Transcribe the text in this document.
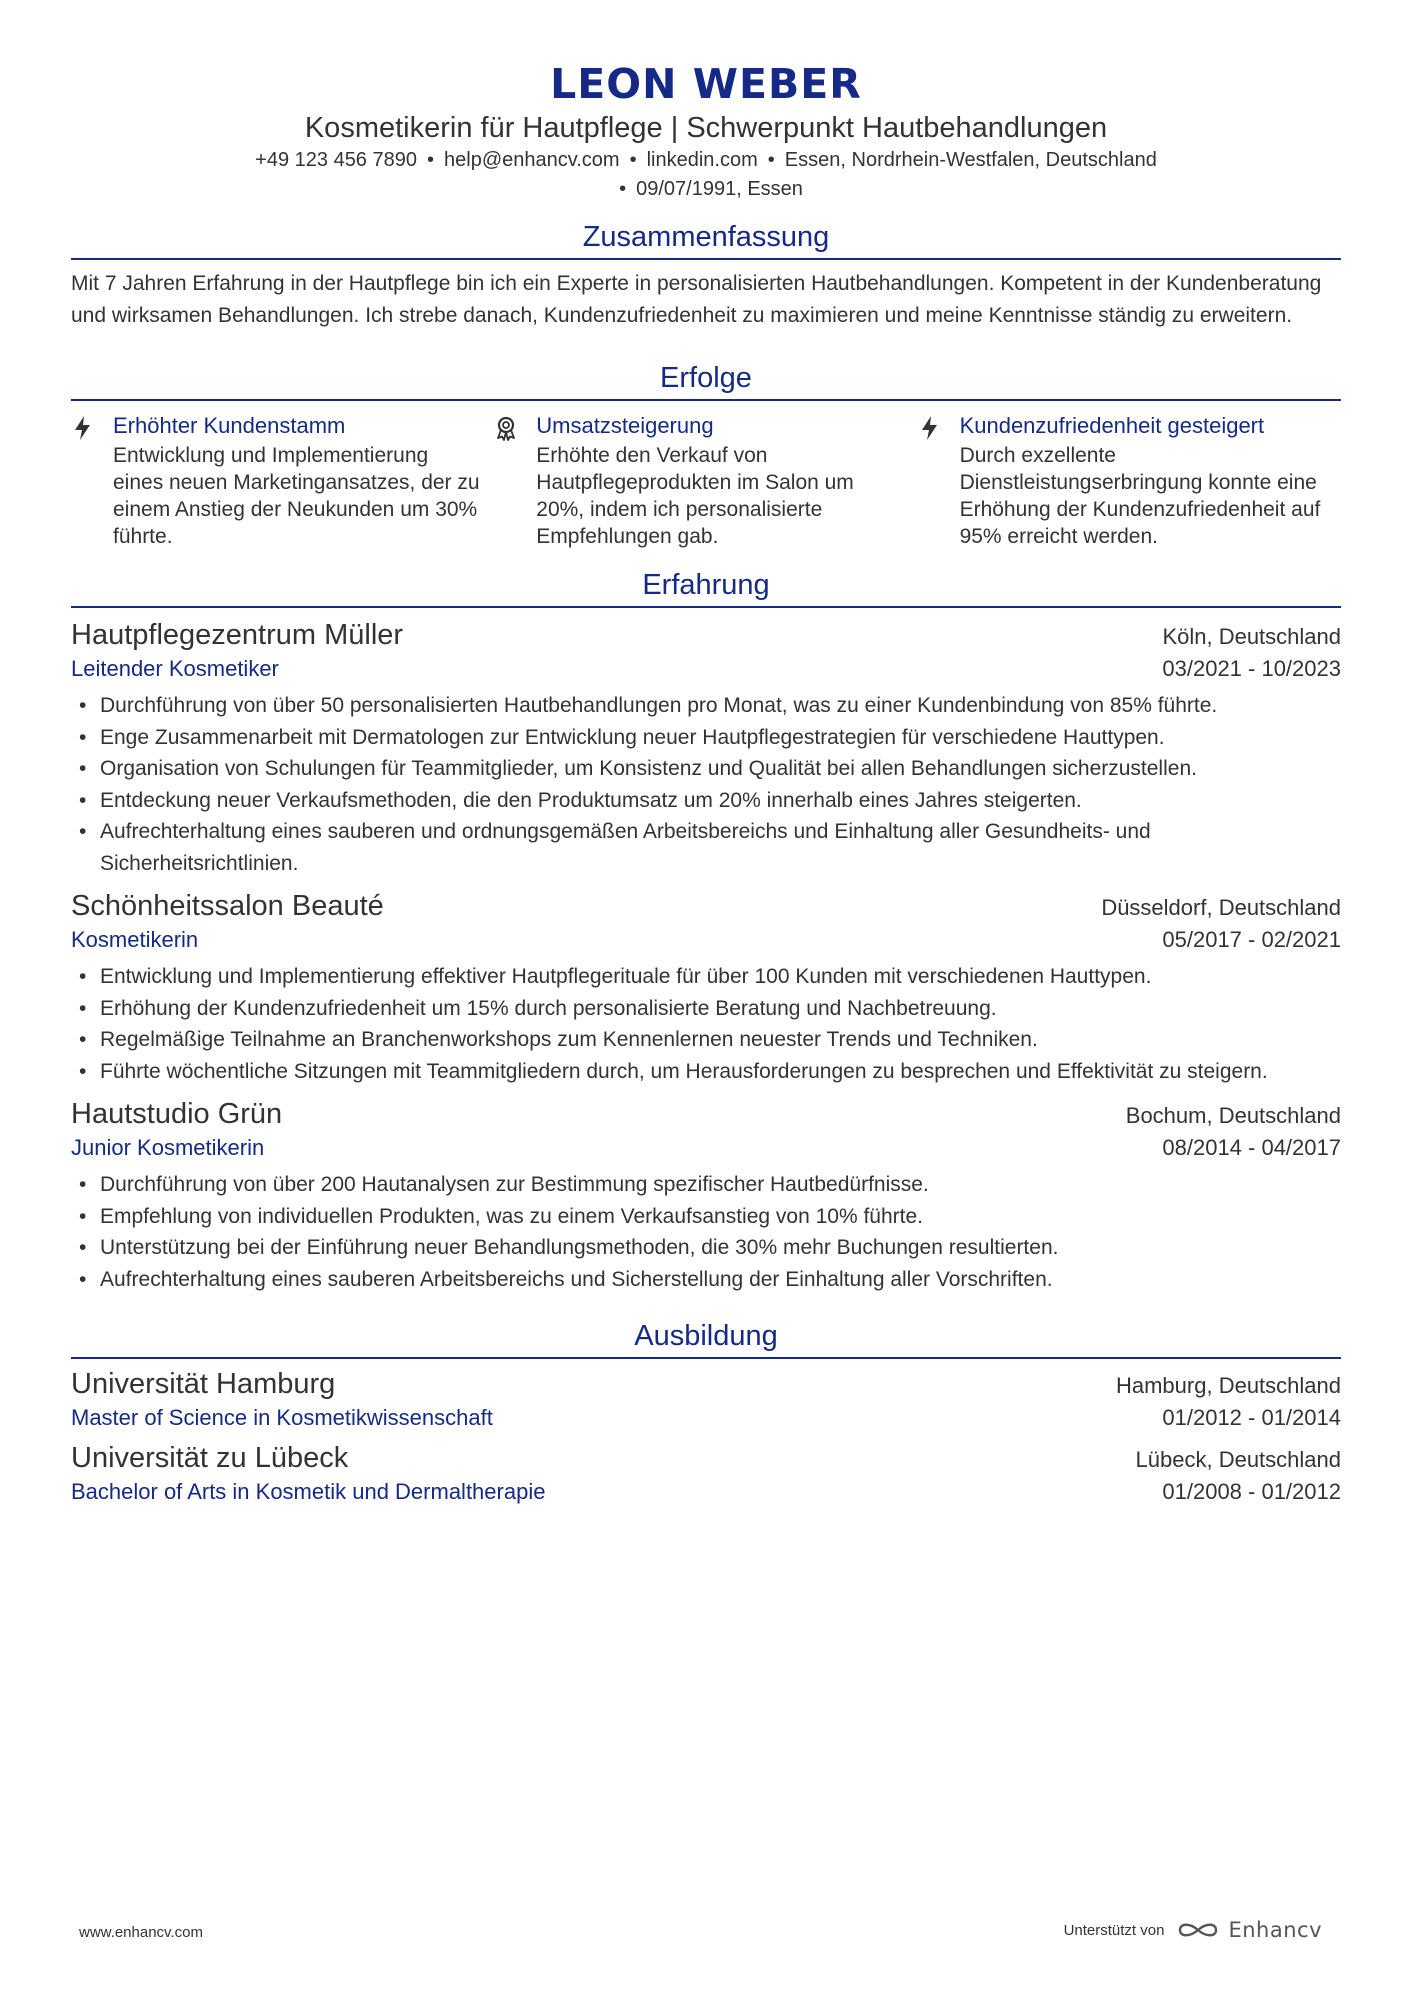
LEON WEBER
Kosmetikerin für Hautpflege | Schwerpunkt Hautbehandlungen
+49 123 456 7890 • help@enhancv.com • linkedin.com • Essen, Nordrhein-Westfalen, Deutschland
• 09/07/1991, Essen
Zusammenfassung
Mit 7 Jahren Erfahrung in der Hautpflege bin ich ein Experte in personalisierten Hautbehandlungen. Kompetent in der Kundenberatung und wirksamen Behandlungen. Ich strebe danach, Kundenzufriedenheit zu maximieren und meine Kenntnisse ständig zu erweitern.
Erfolge
Erhöhter Kundenstamm
Entwicklung und Implementierung eines neuen Marketingansatzes, der zu einem Anstieg der Neukunden um 30% führte.
Umsatzsteigerung
Erhöhte den Verkauf von Hautpflegeprodukten im Salon um 20%, indem ich personalisierte Empfehlungen gab.
Kundenzufriedenheit gesteigert
Durch exzellente Dienstleistungserbringung konnte eine Erhöhung der Kundenzufriedenheit auf 95% erreicht werden.
Erfahrung
Hautpflegezentrum Müller	Köln, Deutschland
Leitender Kosmetiker	03/2021 - 10/2023
• Durchführung von über 50 personalisierten Hautbehandlungen pro Monat, was zu einer Kundenbindung von 85% führte.
• Enge Zusammenarbeit mit Dermatologen zur Entwicklung neuer Hautpflegestrategien für verschiedene Hauttypen.
• Organisation von Schulungen für Teammitglieder, um Konsistenz und Qualität bei allen Behandlungen sicherzustellen.
• Entdeckung neuer Verkaufsmethoden, die den Produktumsatz um 20% innerhalb eines Jahres steigerten.
• Aufrechterhaltung eines sauberen und ordnungsgemäßen Arbeitsbereichs und Einhaltung aller Gesundheits- und Sicherheitsrichtlinien.
Schönheitssalon Beauté	Düsseldorf, Deutschland
Kosmetikerin	05/2017 - 02/2021
• Entwicklung und Implementierung effektiver Hautpflegerituale für über 100 Kunden mit verschiedenen Hauttypen.
• Erhöhung der Kundenzufriedenheit um 15% durch personalisierte Beratung und Nachbetreuung.
• Regelmäßige Teilnahme an Branchenworkshops zum Kennenlernen neuester Trends und Techniken.
• Führte wöchentliche Sitzungen mit Teammitgliedern durch, um Herausforderungen zu besprechen und Effektivität zu steigern.
Hautstudio Grün	Bochum, Deutschland
Junior Kosmetikerin	08/2014 - 04/2017
• Durchführung von über 200 Hautanalysen zur Bestimmung spezifischer Hautbedürfnisse.
• Empfehlung von individuellen Produkten, was zu einem Verkaufsanstieg von 10% führte.
• Unterstützung bei der Einführung neuer Behandlungsmethoden, die 30% mehr Buchungen resultierten.
• Aufrechterhaltung eines sauberen Arbeitsbereichs und Sicherstellung der Einhaltung aller Vorschriften.
Ausbildung
Universität Hamburg	Hamburg, Deutschland
Master of Science in Kosmetikwissenschaft	01/2012 - 01/2014
Universität zu Lübeck	Lübeck, Deutschland
Bachelor of Arts in Kosmetik und Dermaltherapie	01/2008 - 01/2012
www.enhancv.com	Unterstützt von	Enhancv
